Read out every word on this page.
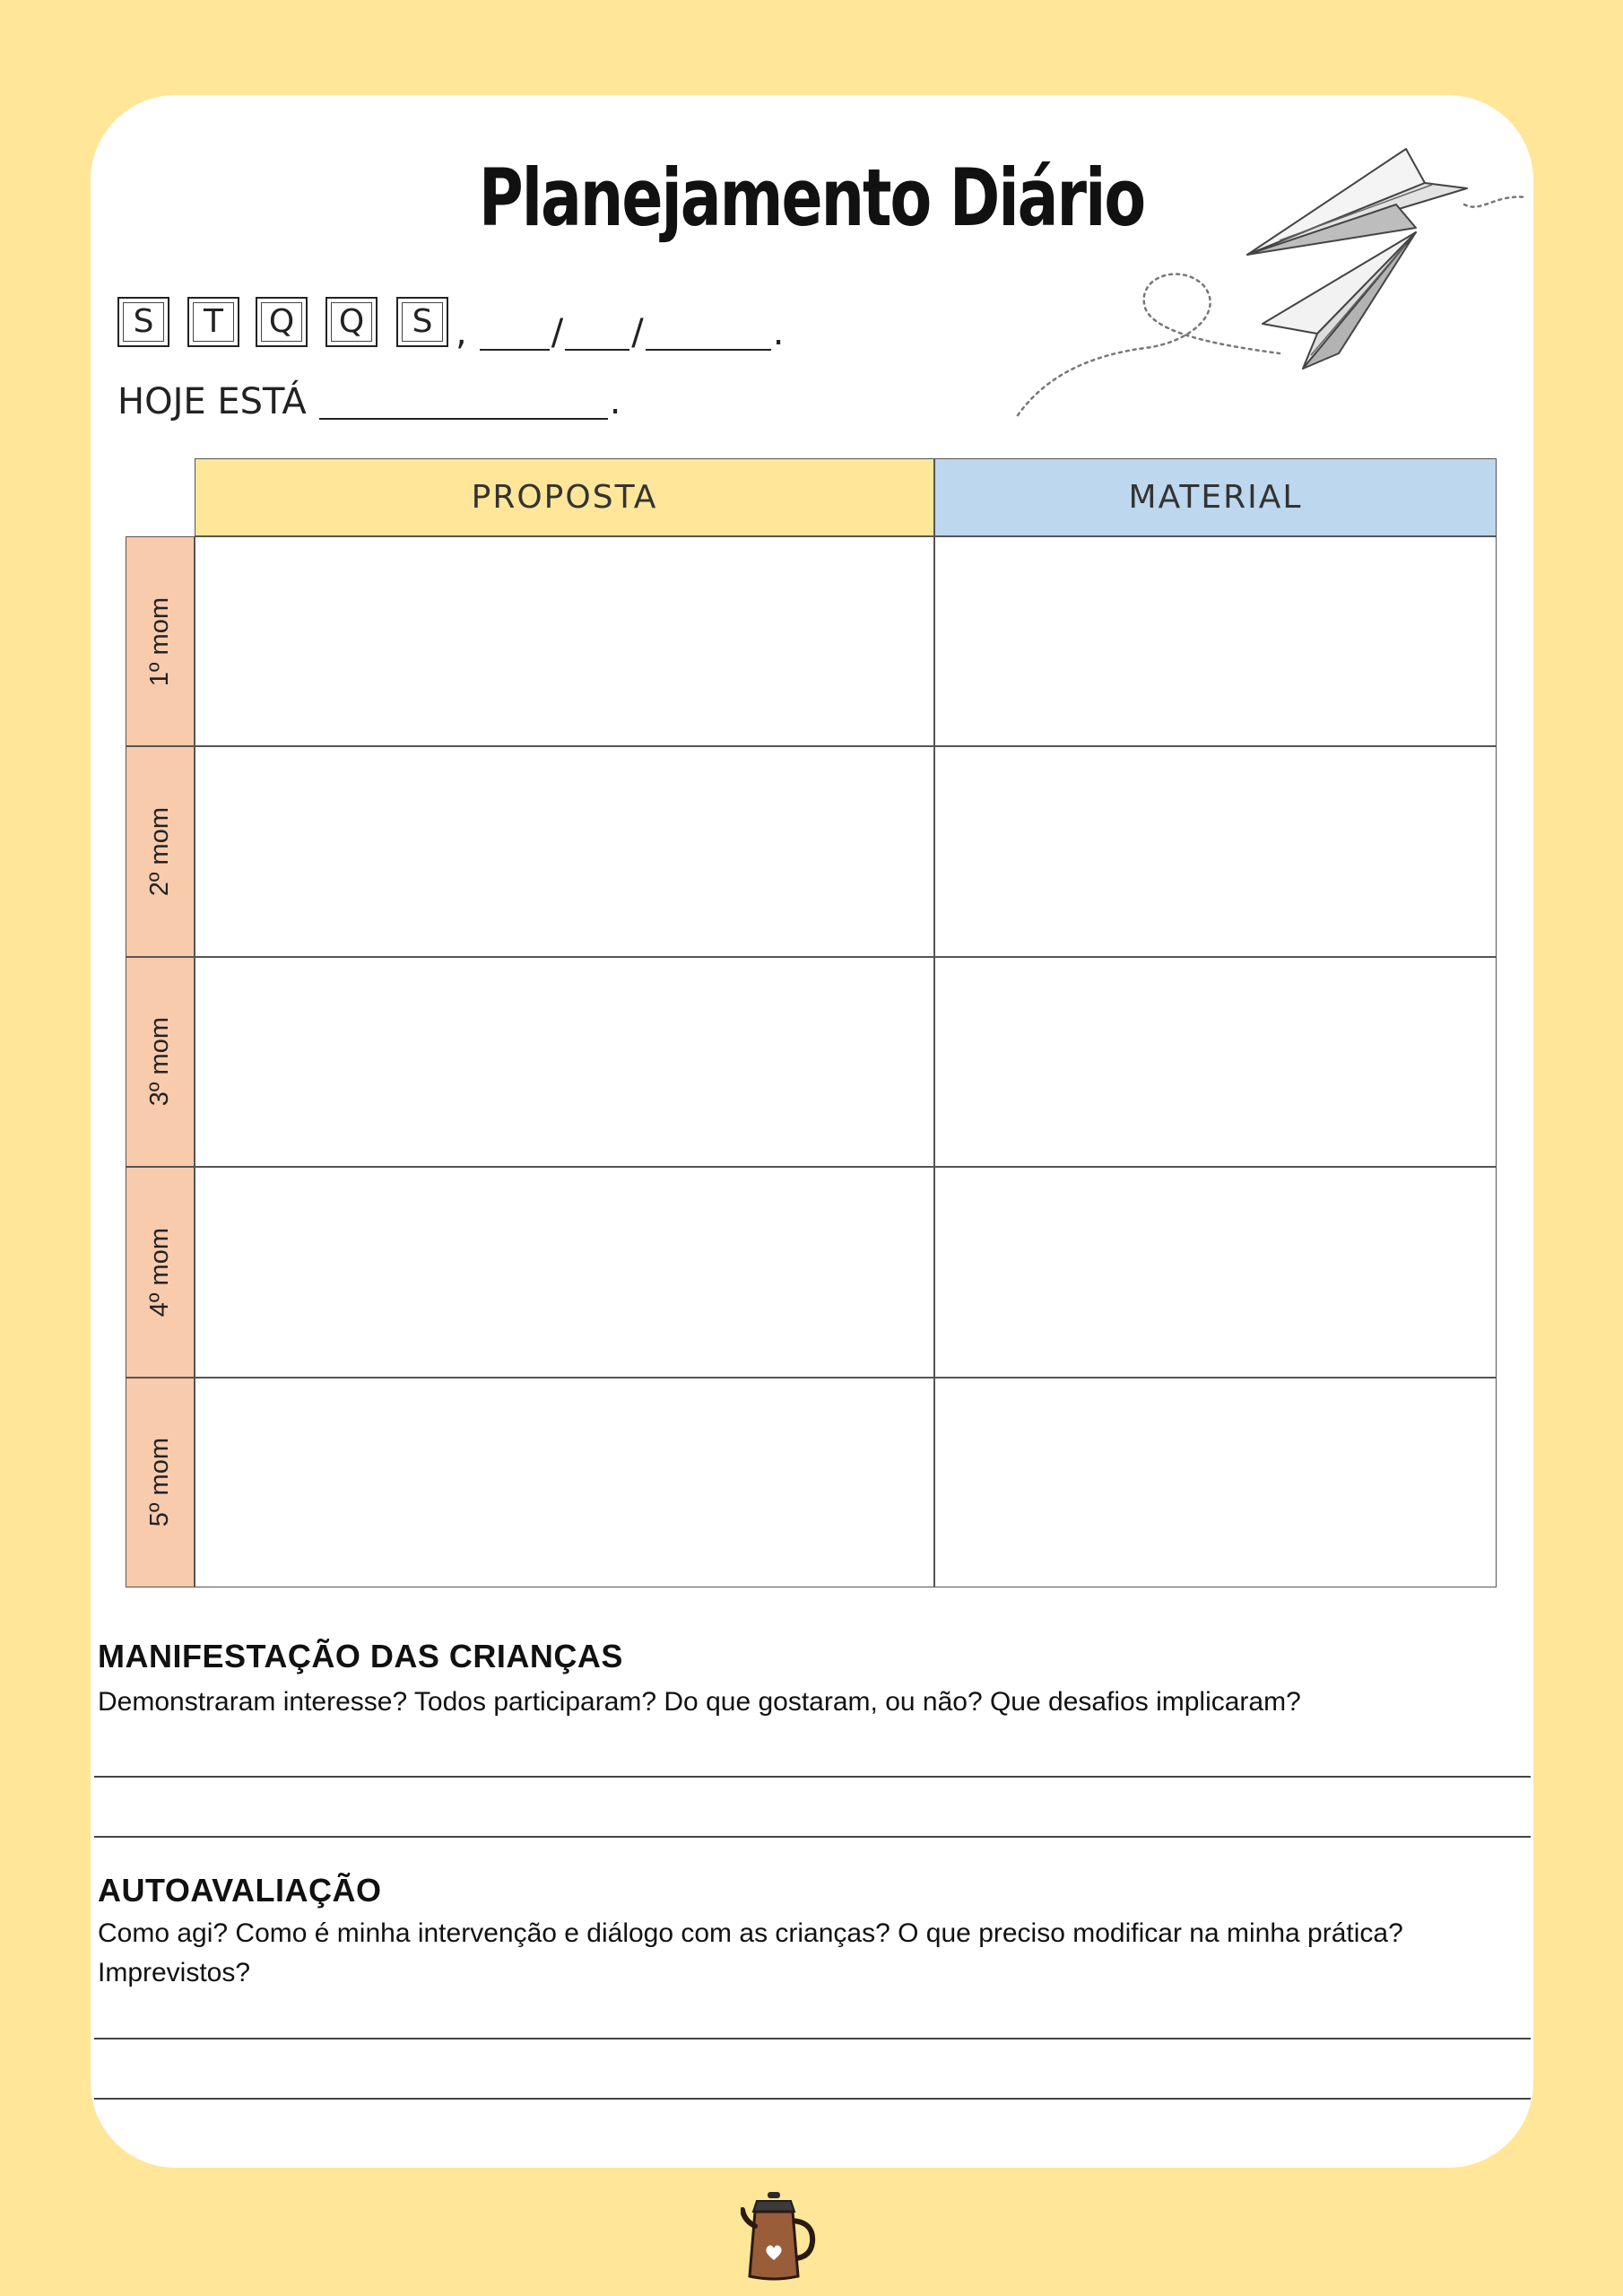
Planejamento Diário
S	T	Q	Q	S , / /	.
HOJE ESTÁ	.
PROPOSTA	MATERIAL
1º mom
2º mom
3º mom
4º mom
5º mom
MANIFESTAÇÃO DAS CRIANÇAS
Demonstraram interesse? Todos participaram? Do que gostaram, ou não? Que desafios implicaram?
AUTOAVALIAÇÃO
Como agi? Como é minha intervenção e diálogo com as crianças? O que preciso modificar na minha prática? Imprevistos?
